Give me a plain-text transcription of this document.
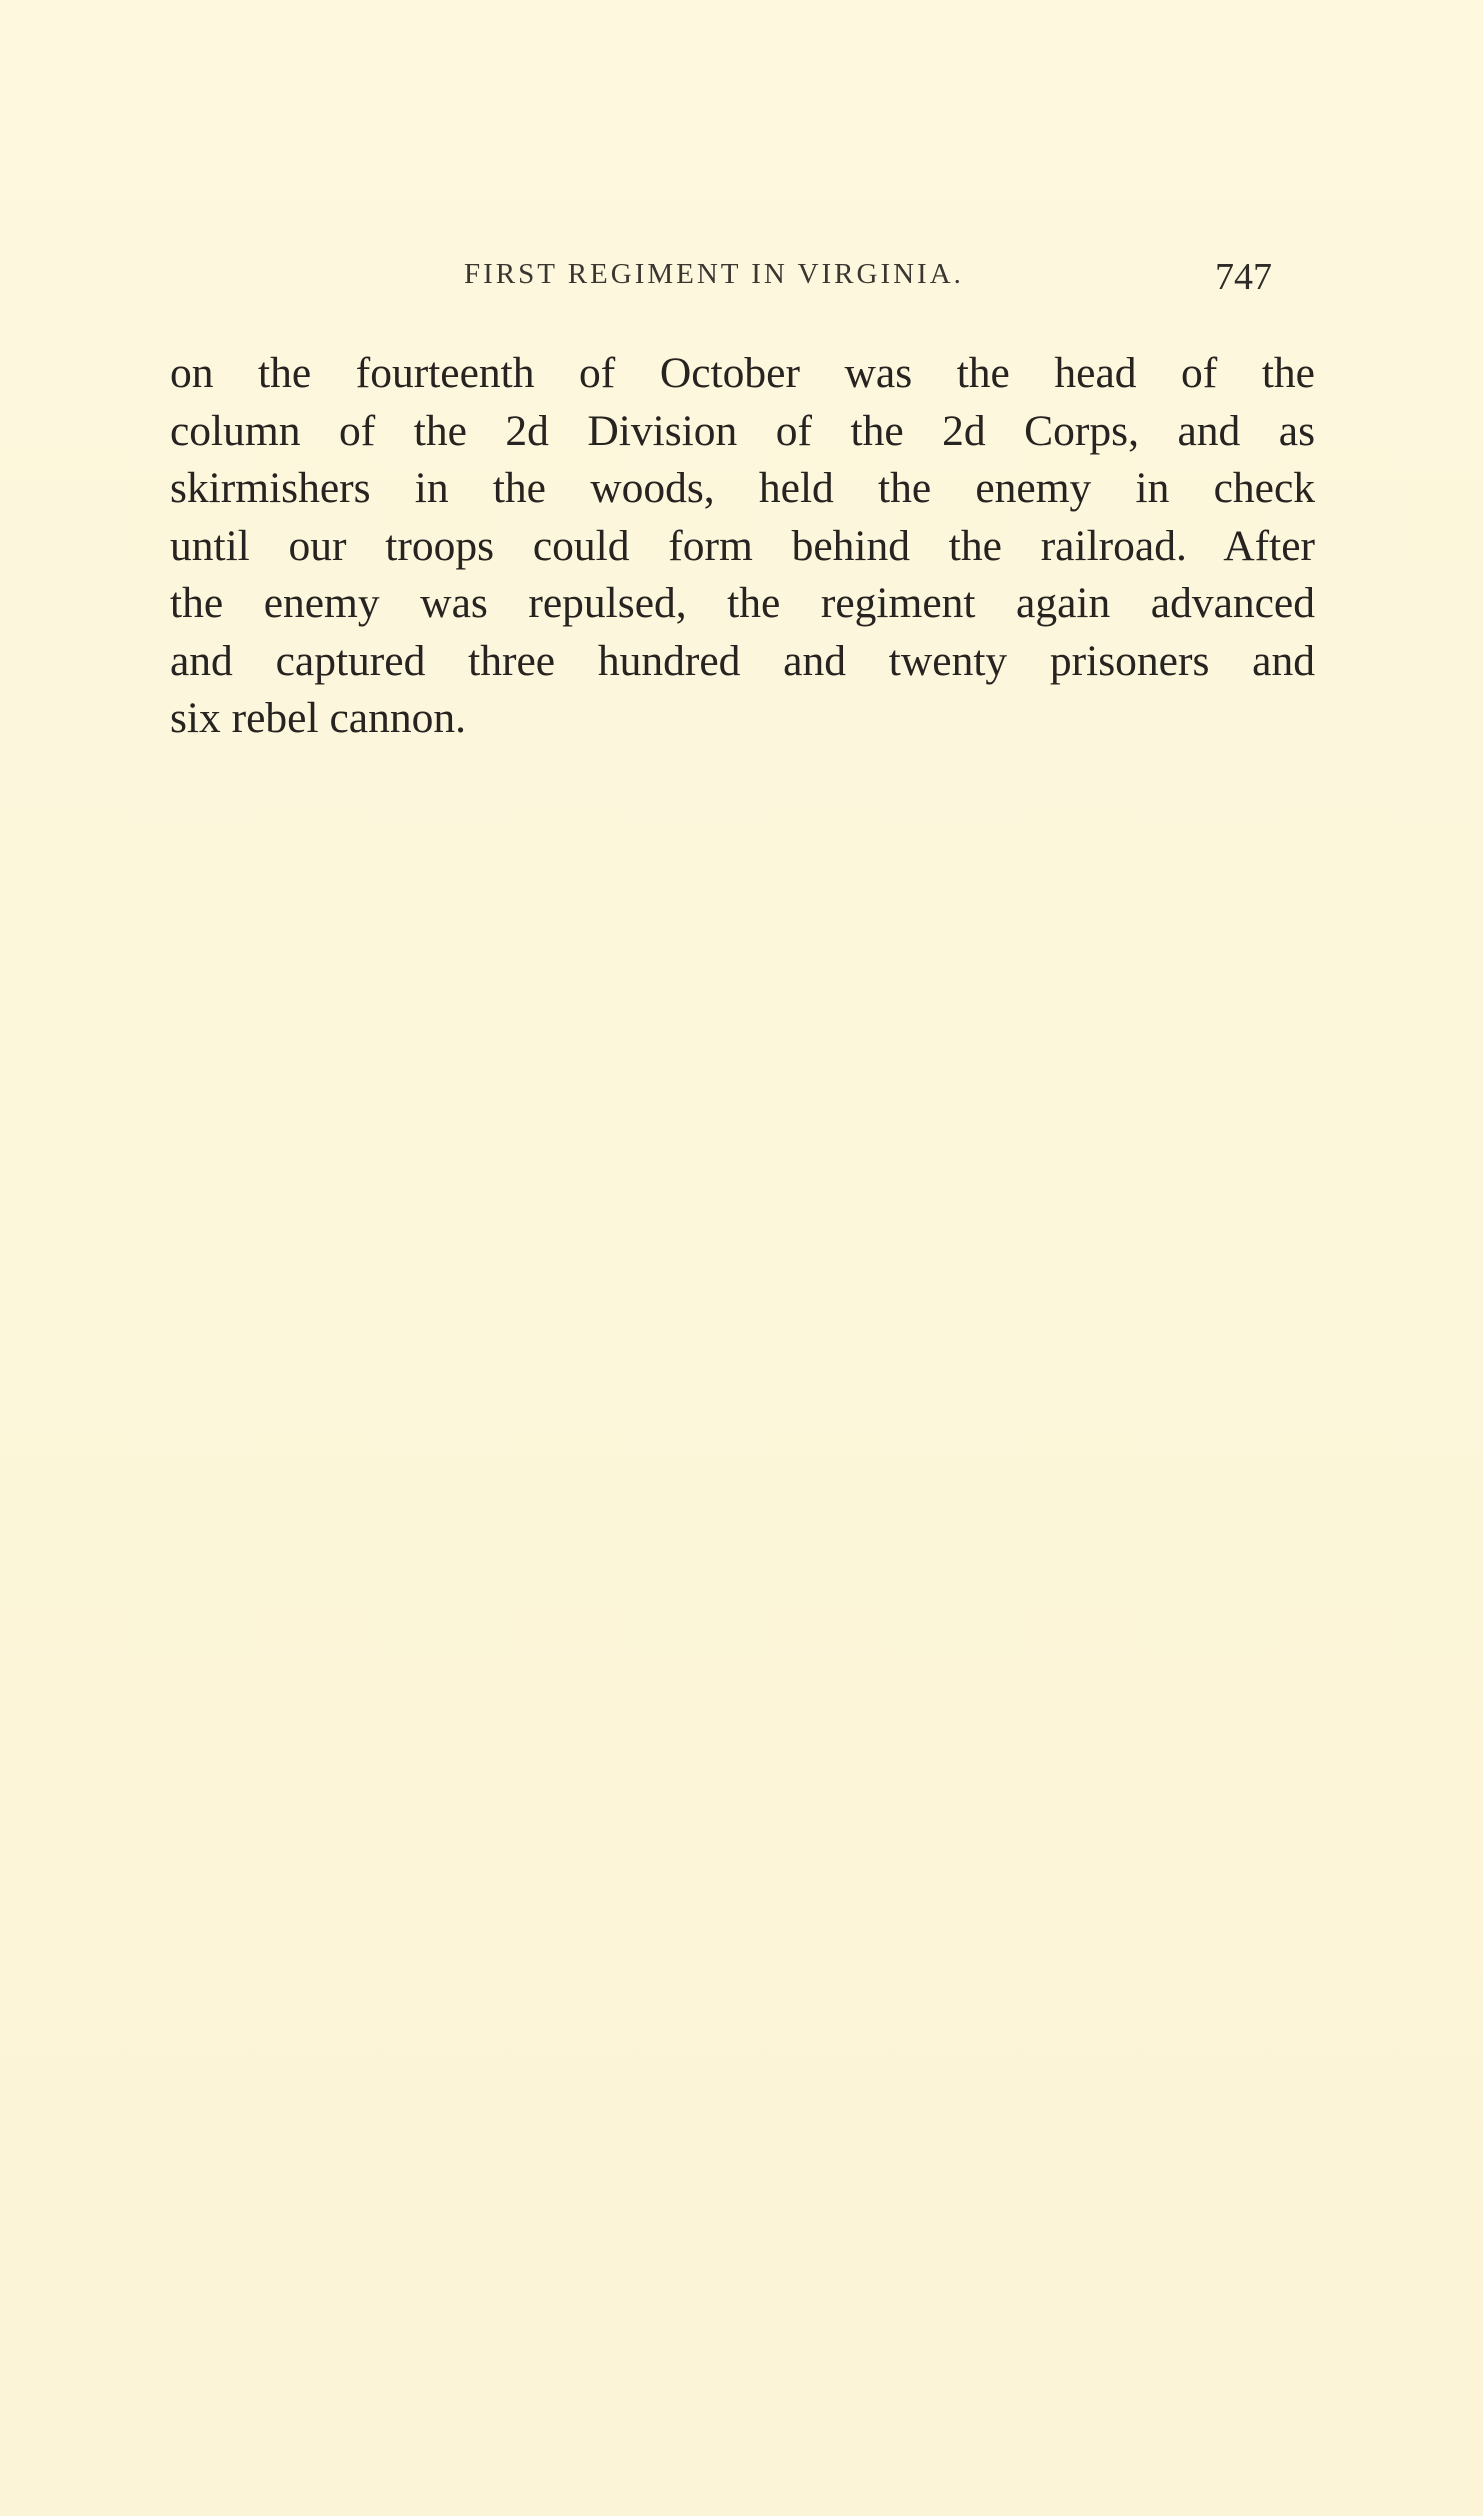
FIRST REGIMENT IN VIRGINIA.	747
on the fourteenth of October was the head of the
column of the 2d Division of the 2d Corps, and as
skirmishers in the woods, held the enemy in check
until our troops could form behind the railroad. After
the enemy was repulsed, the regiment again advanced
and captured three hundred and twenty prisoners and
six rebel cannon.
